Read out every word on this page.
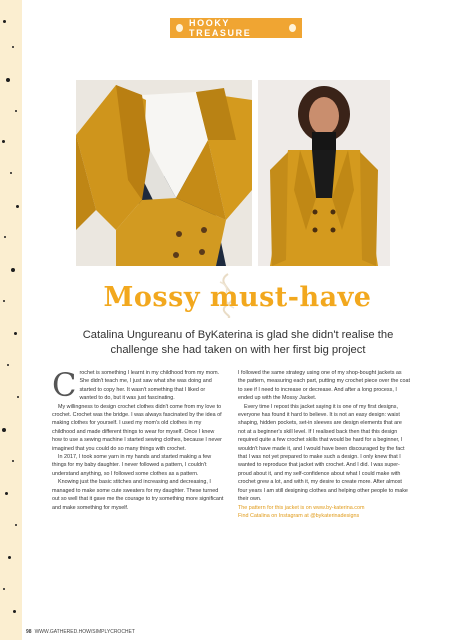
HOOKY TREASURE
Mossy must-have

Catalina Ungureanu of ByKaterina is glad she didn't realise the challenge she had taken on with her first big project

Crochet is something I learnt in my childhood from my mom. She didn't teach me, I just saw what she was doing and started to copy her. It wasn't something that I liked or wanted to do, but it was just fascinating.

My willingness to design crochet clothes didn't come from my love to crochet. Crochet was the bridge. I was always fascinated by the idea of making clothes for yourself. I used my mom's old clothes in my childhood and made different things to wear for myself. Once I knew how to use a sewing machine I started sewing clothes, because I never imagined that you could do so many things with crochet.

In 2017, I took some yarn in my hands and started making a few things for my baby daughter. I never followed a pattern, I couldn't understand anything, so I followed some clothes as a pattern.

Knowing just the basic stitches and increasing and decreasing, I managed to make some cute sweaters for my daughter. These turned out so well that it gave me the courage to try something more significant and make something for myself.

I followed the same strategy using one of my shop-bought jackets as the pattern, measuring each part, putting my crochet piece over the coat to see if I need to increase or decrease. And after a long process, I ended up with the Mossy Jacket.

Every time I repost this jacket saying it is one of my first designs, everyone has found it hard to believe. It is not an easy design: waist shaping, hidden pockets, set-in sleeves are design elements that are not at a beginner's skill level. If I realised back then that this design required quite a few crochet skills that would be hard for a beginner, I wouldn't have made it, and I would have been discouraged by the fact that I was not yet prepared to make such a design. I only knew that I wanted to reproduce that jacket with crochet. And I did. I was super-proud about it, and my self-confidence about what I could make with crochet grew a lot, and with it, my desire to create more. After almost four years I am still designing clothes and helping other people to make their own.

The pattern for this jacket is on www.by-katerina.com

Find Catalina on Instagram at @bykaterinadesigns

98 WWW.GATHERED.HOW/SIMPLYCROCHET
